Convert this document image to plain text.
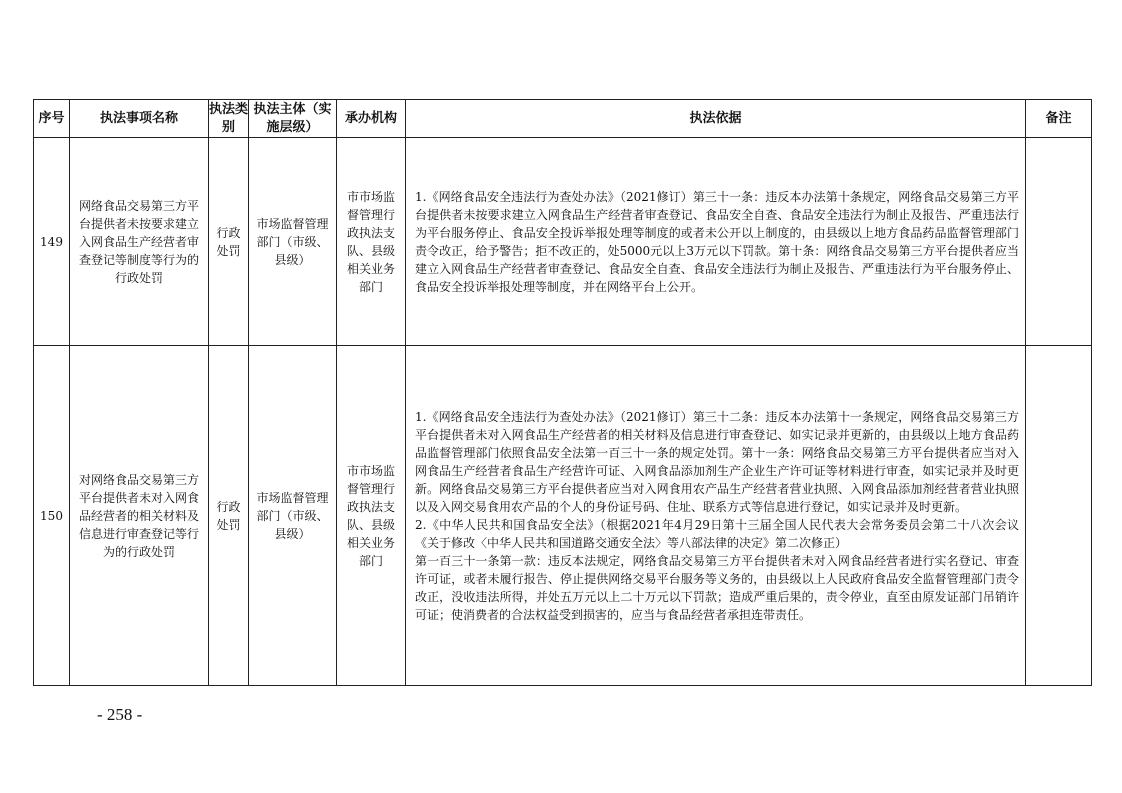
序号	执法事项名称	执法类别	执法主体（实施层级）	承办机构	执法依据	备注
149	网络食品交易第三方平台提供者未按要求建立入网食品生产经营者审查登记等制度等行为的行政处罚	行政处罚	市场监督管理部门（市级、县级）	市市场监督管理行政执法支队、县级相关业务部门	1.《网络食品安全违法行为查处办法》（2021修订）第三十一条：违反本办法第十条规定，网络食品交易第三方平台提供者未按要求建立入网食品生产经营者审查登记、食品安全自查、食品安全违法行为制止及报告、严重违法行为平台服务停止、食品安全投诉举报处理等制度的或者未公开以上制度的，由县级以上地方食品药品监督管理部门责令改正，给予警告；拒不改正的，处5000元以上3万元以下罚款。第十条：网络食品交易第三方平台提供者应当建立入网食品生产经营者审查登记、食品安全自查、食品安全违法行为制止及报告、严重违法行为平台服务停止、食品安全投诉举报处理等制度，并在网络平台上公开。	

150	对网络食品交易第三方平台提供者未对入网食品经营者的相关材料及信息进行审查登记等行为的行政处罚	行政处罚	市场监督管理部门（市级、县级）	市市场监督管理行政执法支队、县级相关业务部门	1.《网络食品安全违法行为查处办法》（2021修订）第三十二条：违反本办法第十一条规定，网络食品交易第三方平台提供者未对入网食品生产经营者的相关材料及信息进行审查登记、如实记录并更新的，由县级以上地方食品药品监督管理部门依照食品安全法第一百三十一条的规定处罚。第十一条：网络食品交易第三方平台提供者应当对入网食品生产经营者食品生产经营许可证、入网食品添加剂生产企业生产许可证等材料进行审查，如实记录并及时更新。网络食品交易第三方平台提供者应当对入网食用农产品生产经营者营业执照、入网食品添加剂经营者营业执照以及入网交易食用农产品的个人的身份证号码、住址、联系方式等信息进行登记，如实记录并及时更新。
2.《中华人民共和国食品安全法》（根据2021年4月29日第十三届全国人民代表大会常务委员会第二十八次会议《关于修改〈中华人民共和国道路交通安全法〉等八部法律的决定》第二次修正）
第一百三十一条第一款：违反本法规定，网络食品交易第三方平台提供者未对入网食品经营者进行实名登记、审查许可证，或者未履行报告、停止提供网络交易平台服务等义务的，由县级以上人民政府食品安全监督管理部门责令改正，没收违法所得，并处五万元以上二十万元以下罚款；造成严重后果的，责令停业，直至由原发证部门吊销许可证；使消费者的合法权益受到损害的，应当与食品经营者承担连带责任。	

- 258 -
